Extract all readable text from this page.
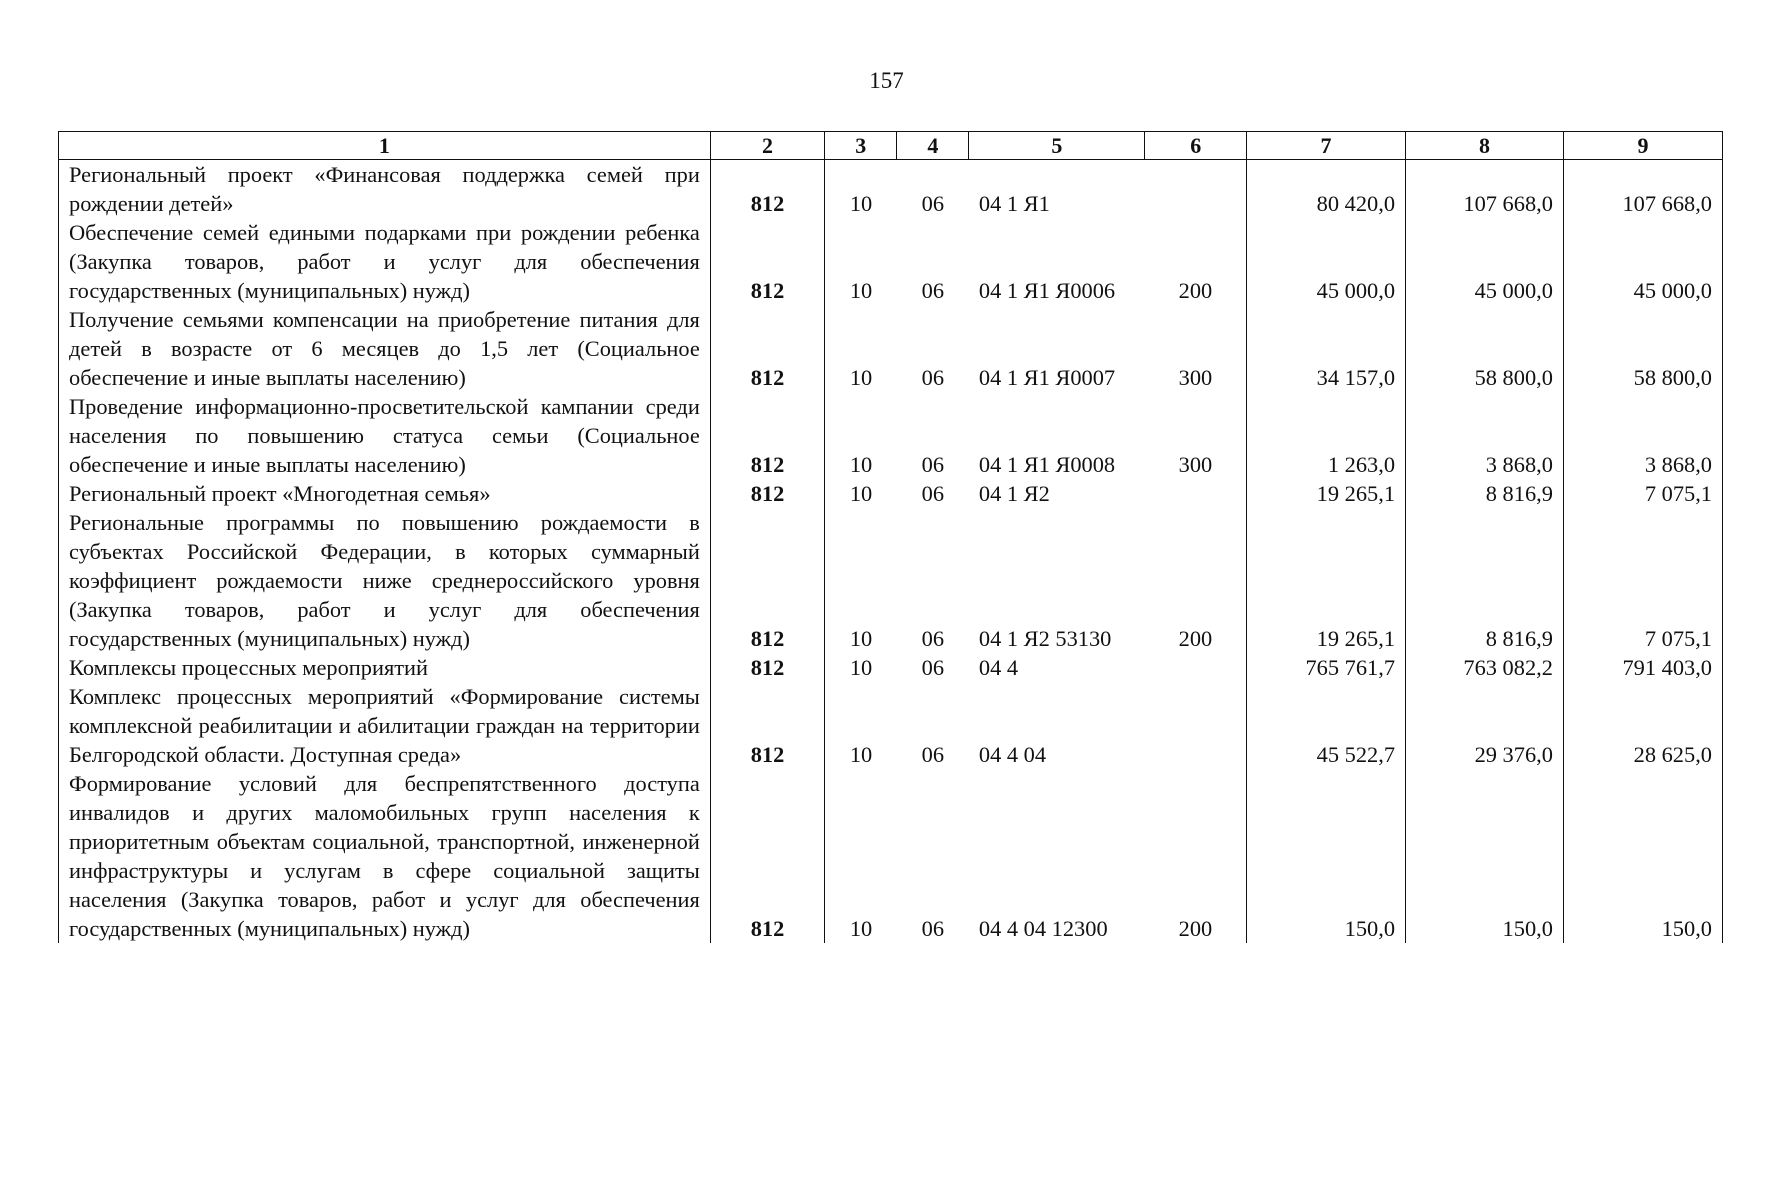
157
1	2	3	4	5	6	7	8	9
Региональный проект «Финансовая поддержка семей при рождении детей»	812	10	06	04 1 Я1		80 420,0	107 668,0	107 668,0
Обеспечение семей едиными подарками при рождении ребенка (Закупка товаров, работ и услуг для обеспечения государственных (муниципальных) нужд)	812	10	06	04 1 Я1 Я0006	200	45 000,0	45 000,0	45 000,0
Получение семьями компенсации на приобретение питания для детей в возрасте от 6 месяцев до 1,5 лет (Социальное обеспечение и иные выплаты населению)	812	10	06	04 1 Я1 Я0007	300	34 157,0	58 800,0	58 800,0
Проведение информационно-просветительской кампании среди населения по повышению статуса семьи (Социальное обеспечение и иные выплаты населению)	812	10	06	04 1 Я1 Я0008	300	1 263,0	3 868,0	3 868,0
Региональный проект «Многодетная семья»	812	10	06	04 1 Я2		19 265,1	8 816,9	7 075,1
Региональные программы по повышению рождаемости в субъектах Российской Федерации, в которых суммарный коэффициент рождаемости ниже среднероссийского уровня (Закупка товаров, работ и услуг для обеспечения государственных (муниципальных) нужд)	812	10	06	04 1 Я2 53130	200	19 265,1	8 816,9	7 075,1
Комплексы процессных мероприятий	812	10	06	04 4		765 761,7	763 082,2	791 403,0
Комплекс процессных мероприятий «Формирование системы комплексной реабилитации и абилитации граждан на территории Белгородской области. Доступная среда»	812	10	06	04 4 04		45 522,7	29 376,0	28 625,0
Формирование условий для беспрепятственного доступа инвалидов и других маломобильных групп населения к приоритетным объектам социальной, транспортной, инженерной инфраструктуры и услугам в сфере социальной защиты населения (Закупка товаров, работ и услуг для обеспечения государственных (муниципальных) нужд)	812	10	06	04 4 04 12300	200	150,0	150,0	150,0
